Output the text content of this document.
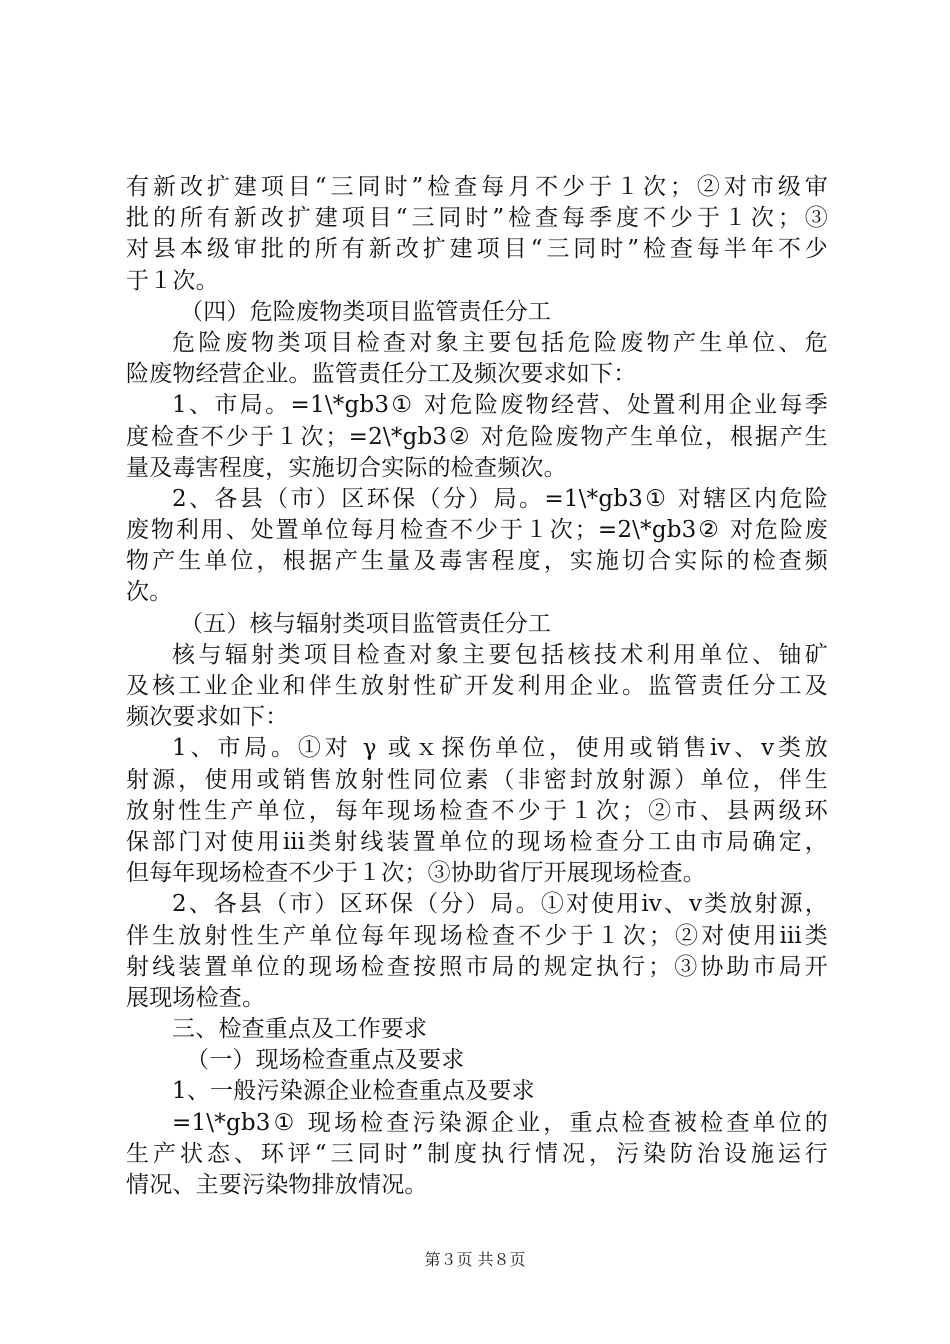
有新改扩建项目“三同时”检查每月不少于１次；②对市级审
批的所有新改扩建项目“三同时”检查每季度不少于１次；③
对县本级审批的所有新改扩建项目“三同时”检查每半年不少
于１次。
（四）危险废物类项目监管责任分工
危险废物类项目检查对象主要包括危险废物产生单位、危
险废物经营企业。监管责任分工及频次要求如下：
1、市局。=1\*gb3① 对危险废物经营、处置利用企业每季
度检查不少于１次；=2\*gb3② 对危险废物产生单位，根据产生
量及毒害程度，实施切合实际的检查频次。
2、各县（市）区环保（分）局。=1\*gb3① 对辖区内危险
废物利用、处置单位每月检查不少于１次；=2\*gb3② 对危险废
物产生单位，根据产生量及毒害程度，实施切合实际的检查频
次。
（五）核与辐射类项目监管责任分工
核与辐射类项目检查对象主要包括核技术利用单位、铀矿
及核工业企业和伴生放射性矿开发利用企业。监管责任分工及
频次要求如下：
1、市局。①对 γ 或ｘ探伤单位，使用或销售ⅳ、ⅴ类放
射源，使用或销售放射性同位素（非密封放射源）单位，伴生
放射性生产单位，每年现场检查不少于１次；②市、县两级环
保部门对使用ⅲ类射线装置单位的现场检查分工由市局确定，
但每年现场检查不少于１次；③协助省厅开展现场检查。
2、各县（市）区环保（分）局。①对使用ⅳ、ⅴ类放射源，
伴生放射性生产单位每年现场检查不少于１次；②对使用ⅲ类
射线装置单位的现场检查按照市局的规定执行；③协助市局开
展现场检查。
三、检查重点及工作要求
（一）现场检查重点及要求
1、一般污染源企业检查重点及要求
=1\*gb3① 现场检查污染源企业，重点检查被检查单位的
生产状态、环评“三同时”制度执行情况，污染防治设施运行
情况、主要污染物排放情况。
第３页 共８页
